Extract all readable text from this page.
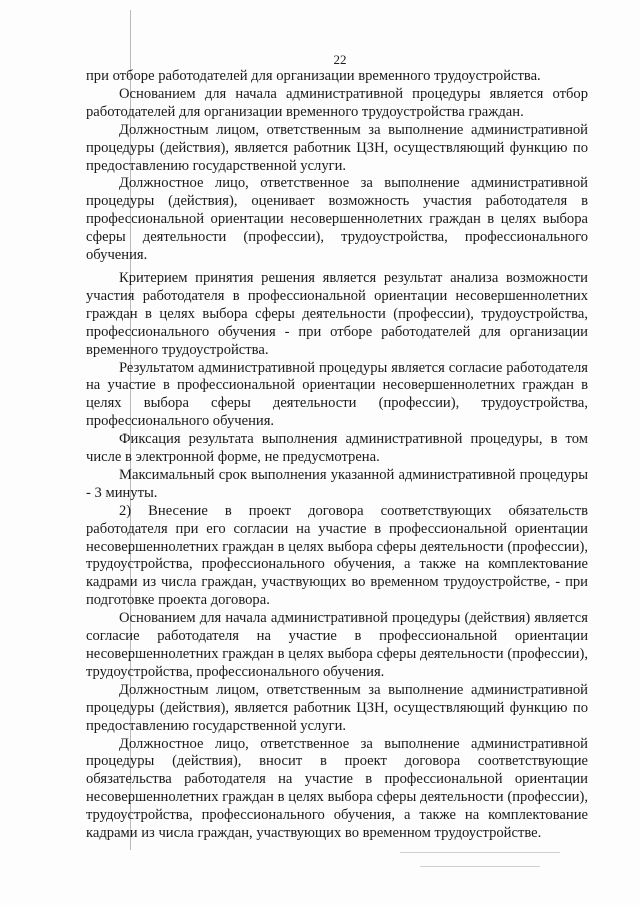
22

при отборе работодателей для организации временного трудоустройства.

Основанием для начала административной процедуры является отбор работодателей для организации временного трудоустройства граждан.

Должностным лицом, ответственным за выполнение административной процедуры (действия), является работник ЦЗН, осуществляющий функцию по предоставлению государственной услуги.

Должностное лицо, ответственное за выполнение административной процедуры (действия), оценивает возможность участия работодателя в профессиональной ориентации несовершеннолетних граждан в целях выбора сферы деятельности (профессии), трудоустройства, профессионального обучения.

Критерием принятия решения является результат анализа возможности участия работодателя в профессиональной ориентации несовершеннолетних граждан в целях выбора сферы деятельности (профессии), трудоустройства, профессионального обучения - при отборе работодателей для организации временного трудоустройства.

Результатом административной процедуры является согласие работодателя на участие в профессиональной ориентации несовершеннолетних граждан в целях выбора сферы деятельности (профессии), трудоустройства, профессионального обучения.

Фиксация результата выполнения административной процедуры, в том числе в электронной форме, не предусмотрена.

Максимальный срок выполнения указанной административной процедуры - 3 минуты.

2) Внесение в проект договора соответствующих обязательств работодателя при его согласии на участие в профессиональной ориентации несовершеннолетних граждан в целях выбора сферы деятельности (профессии), трудоустройства, профессионального обучения, а также на комплектование кадрами из числа граждан, участвующих во временном трудоустройстве, - при подготовке проекта договора.

Основанием для начала административной процедуры (действия) является согласие работодателя на участие в профессиональной ориентации несовершеннолетних граждан в целях выбора сферы деятельности (профессии), трудоустройства, профессионального обучения.

Должностным лицом, ответственным за выполнение административной процедуры (действия), является работник ЦЗН, осуществляющий функцию по предоставлению государственной услуги.

Должностное лицо, ответственное за выполнение административной процедуры (действия), вносит в проект договора соответствующие обязательства работодателя на участие в профессиональной ориентации несовершеннолетних граждан в целях выбора сферы деятельности (профессии), трудоустройства, профессионального обучения, а также на комплектование кадрами из числа граждан, участвующих во временном трудоустройстве.
